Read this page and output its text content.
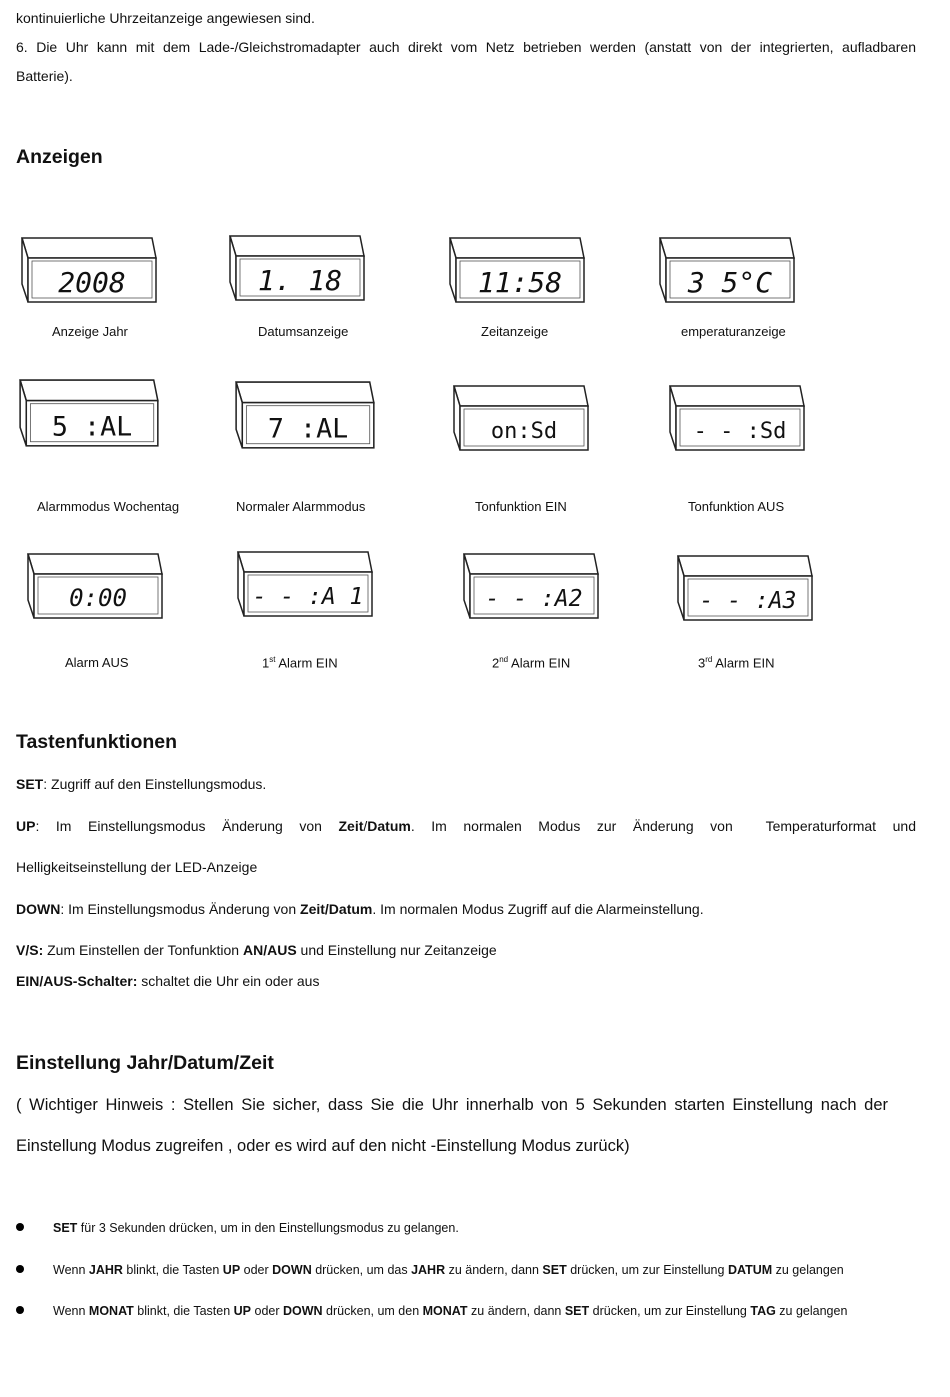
kontinuierliche Uhrzeitanzeige angewiesen sind.
6. Die Uhr kann mit dem Lade-/Gleichstromadapter auch direkt vom Netz betrieben werden (anstatt von der integrierten, aufladbaren
Batterie).
Anzeigen
2008	1. 18	11:58	3 5°C
Anzeige Jahr	Datumsanzeige	Zeitanzeige	emperaturanzeige
5 :AL	7 :AL	on:Sd	- - :Sd
Alarmmodus Wochentag	Normaler Alarmmodus	Tonfunktion EIN	Tonfunktion AUS
0:00	- - :A 1	- - :A2	- - :A3
Alarm AUS	1st Alarm EIN	2nd Alarm EIN	3rd Alarm EIN
Tastenfunktionen
SET: Zugriff auf den Einstellungsmodus.
UP:   Im   Einstellungsmodus   Änderung   von   Zeit/Datum.   Im   normalen   Modus   zur   Änderung   von      Temperaturformat   und
Helligkeitseinstellung der LED-Anzeige
DOWN: Im Einstellungsmodus Änderung von Zeit/Datum. Im normalen Modus Zugriff auf die Alarmeinstellung.
V/S: Zum Einstellen der Tonfunktion AN/AUS und Einstellung nur Zeitanzeige
EIN/AUS-Schalter: schaltet die Uhr ein oder aus
Einstellung Jahr/Datum/Zeit
( Wichtiger Hinweis : Stellen Sie sicher, dass Sie die Uhr innerhalb von 5 Sekunden starten Einstellung nach der Einstellung Modus zugreifen , oder es wird auf den nicht -Einstellung Modus zurück)
SET für 3 Sekunden drücken, um in den Einstellungsmodus zu gelangen.
Wenn JAHR blinkt, die Tasten UP oder DOWN drücken, um das JAHR zu ändern, dann SET drücken, um zur Einstellung DATUM zu gelangen
Wenn MONAT blinkt, die Tasten UP oder DOWN drücken, um den MONAT zu ändern, dann SET drücken, um zur Einstellung TAG zu gelangen
